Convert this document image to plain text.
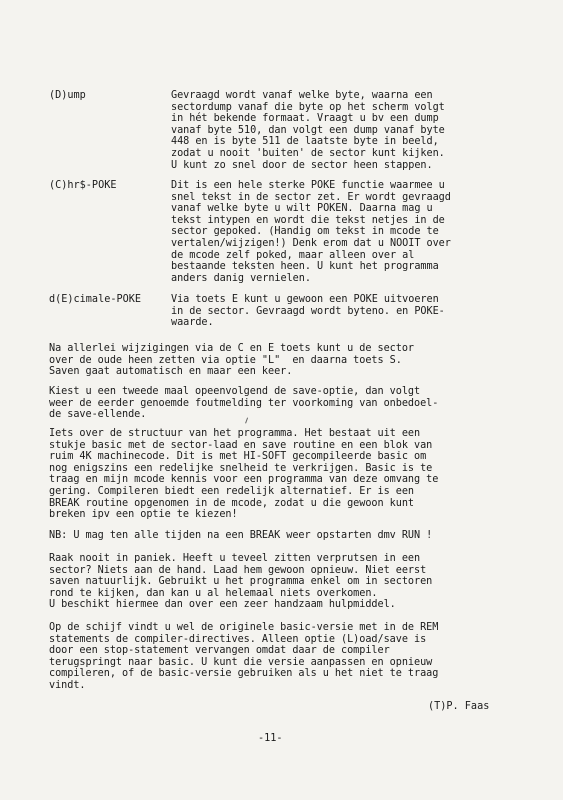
(D)ump	Gevraagd wordt vanaf welke byte, waarna een
sectordump vanaf die byte op het scherm volgt
in hét bekende formaat. Vraagt u bv een dump
vanaf byte 510, dan volgt een dump vanaf byte
448 en is byte 511 de laatste byte in beeld,
zodat u nooit 'buiten' de sector kunt kijken.
U kunt zo snel door de sector heen stappen.
(C)hr$-POKE	Dit is een hele sterke POKE functie waarmee u
snel tekst in de sector zet. Er wordt gevraagd
vanaf welke byte u wilt POKEN. Daarna mag u
tekst intypen en wordt die tekst netjes in de
sector gepoked. (Handig om tekst in mcode te
vertalen/wijzigen!) Denk erom dat u NOOIT over
de mcode zelf poked, maar alleen over al
bestaande teksten heen. U kunt het programma
anders danig vernielen.
d(E)cimale-POKE	Via toets E kunt u gewoon een POKE uitvoeren
in de sector. Gevraagd wordt byteno. en POKE-
waarde.
Na allerlei wijzigingen via de C en E toets kunt u de sector
over de oude heen zetten via optie "L"  en daarna toets S.
Saven gaat automatisch en maar een keer.
Kiest u een tweede maal opeenvolgend de save-optie, dan volgt
weer de eerder genoemde foutmelding ter voorkoming van onbedoel-
de save-ellende.
Iets over de structuur van het programma. Het bestaat uit een
stukje basic met de sector-laad en save routine en een blok van
ruim 4K machinecode. Dit is met HI-SOFT gecompileerde basic om
nog enigszins een redelijke snelheid te verkrijgen. Basic is te
traag en mijn mcode kennis voor een programma van deze omvang te
gering. Compileren biedt een redelijk alternatief. Er is een
BREAK routine opgenomen in de mcode, zodat u die gewoon kunt
breken ipv een optie te kiezen!
NB: U mag ten alle tijden na een BREAK weer opstarten dmv RUN !
Raak nooit in paniek. Heeft u teveel zitten verprutsen in een
sector? Niets aan de hand. Laad hem gewoon opnieuw. Niet eerst
saven natuurlijk. Gebruikt u het programma enkel om in sectoren
rond te kijken, dan kan u al helemaal niets overkomen.
U beschikt hiermee dan over een zeer handzaam hulpmiddel.
Op de schijf vindt u wel de originele basic-versie met in de REM
statements de compiler-directives. Alleen optie (L)oad/save is
door een stop-statement vervangen omdat daar de compiler
terugspringt naar basic. U kunt die versie aanpassen en opnieuw
compileren, of de basic-versie gebruiken als u het niet te traag
vindt.
(T)P. Faas
-11-
